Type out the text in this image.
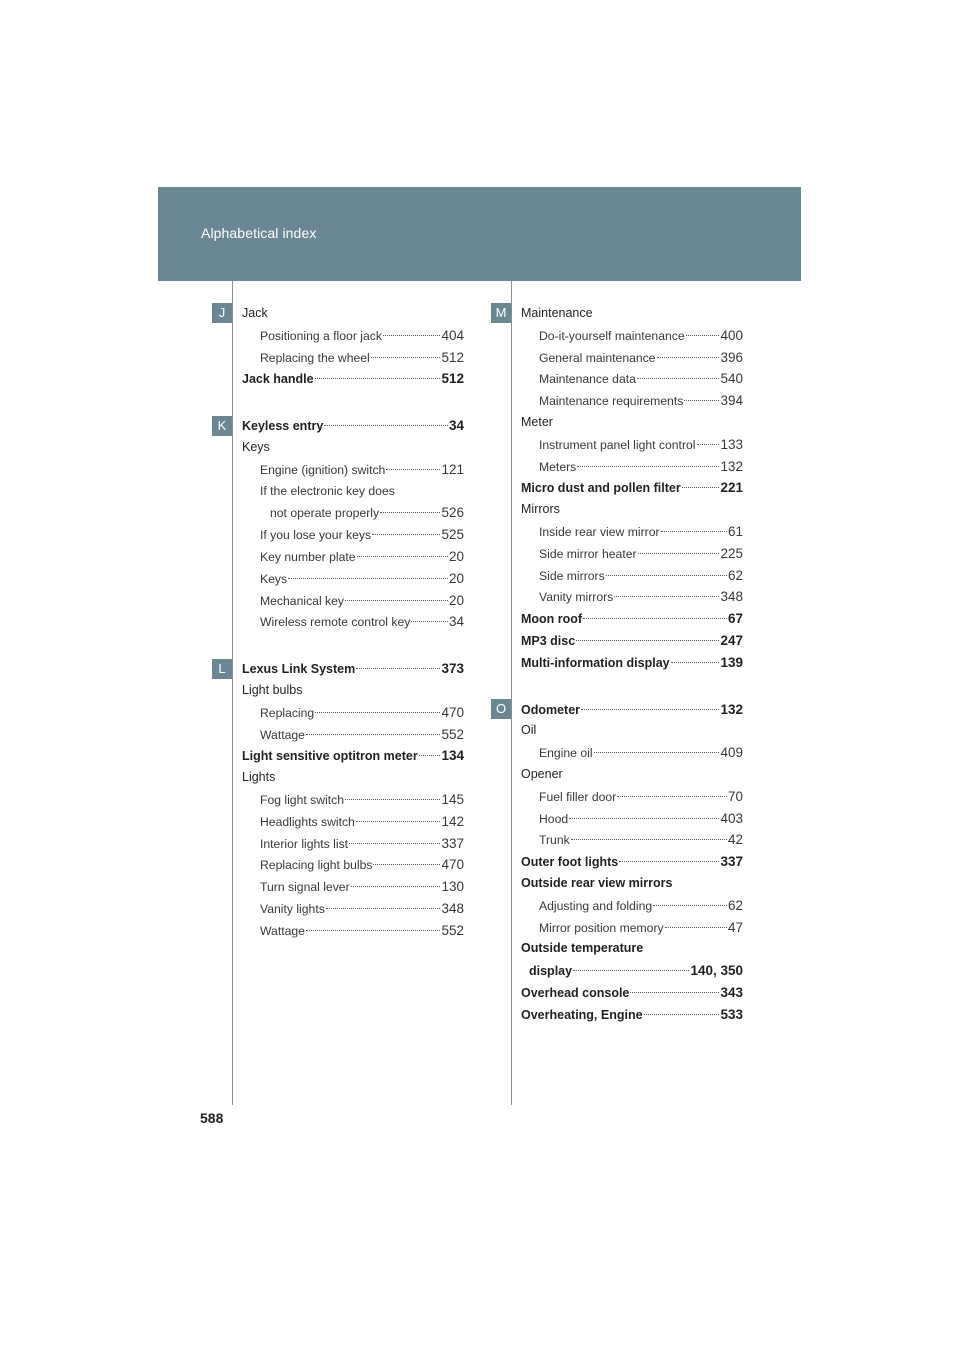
Alphabetical index
J
K
L
M
O
Jack
Positioning a floor jack	404
Replacing the wheel	512
Jack handle	512
Keyless entry	34
Keys
Engine (ignition) switch	121
If the electronic key does
not operate properly	526
If you lose your keys	525
Key number plate	20
Keys	20
Mechanical key	20
Wireless remote control key	34
Lexus Link System	373
Light bulbs
Replacing	470
Wattage	552
Light sensitive optitron meter 134
Lights
Fog light switch	145
Headlights switch	142
Interior lights list	337
Replacing light bulbs	470
Turn signal lever	130
Vanity lights	348
Wattage	552
Maintenance
Do-it-yourself maintenance	400
General maintenance	396
Maintenance data	540
Maintenance requirements	394
Meter
Instrument panel light control 133
Meters	132
Micro dust and pollen filter	221
Mirrors
Inside rear view mirror	61
Side mirror heater	225
Side mirrors	62
Vanity mirrors	348
Moon roof	67
MP3 disc	247
Multi-information display	139
Odometer	132
Oil
Engine oil	409
Opener
Fuel filler door	70
Hood	403
Trunk	42
Outer foot lights	337
Outside rear view mirrors
Adjusting and folding	62
Mirror position memory	47
Outside temperature
display	140, 350
Overhead console	343
Overheating, Engine	533
588
